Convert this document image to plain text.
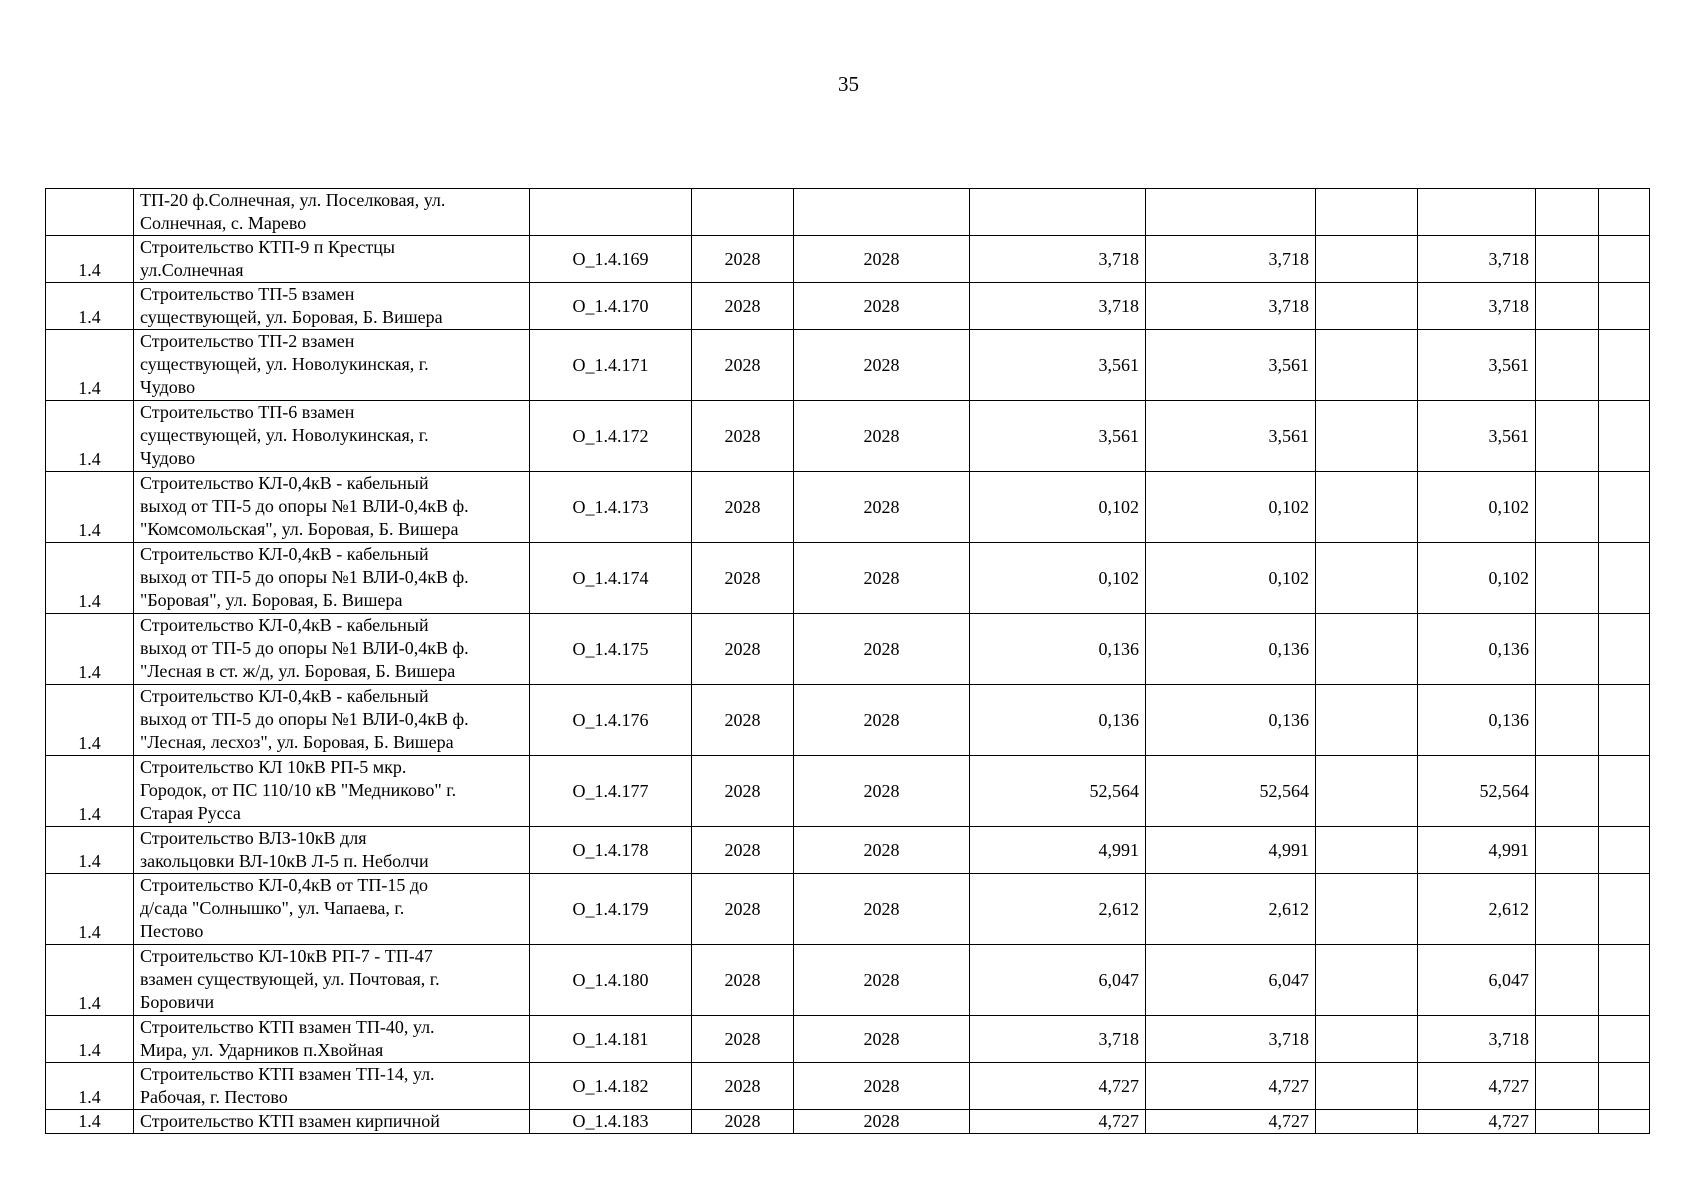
35
	ТП-20 ф.Солнечная, ул. Поселковая, ул.
Солнечная, с. Марево									
1.4	Строительство КТП-9 п Крестцы
ул.Солнечная	О_1.4.169	2028	2028	3,718	3,718		3,718		
1.4	Строительство ТП-5 взамен
существующей, ул. Боровая, Б. Вишера	О_1.4.170	2028	2028	3,718	3,718		3,718		
1.4	Строительство ТП-2 взамен
существующей, ул. Новолукинская, г.
Чудово	О_1.4.171	2028	2028	3,561	3,561		3,561		
1.4	Строительство ТП-6 взамен
существующей, ул. Новолукинская, г.
Чудово	О_1.4.172	2028	2028	3,561	3,561		3,561		
1.4	Строительство КЛ-0,4кВ - кабельный
выход от ТП-5 до опоры №1 ВЛИ-0,4кВ ф.
"Комсомольская", ул. Боровая, Б. Вишера	О_1.4.173	2028	2028	0,102	0,102		0,102		
1.4	Строительство КЛ-0,4кВ - кабельный
выход от ТП-5 до опоры №1 ВЛИ-0,4кВ ф.
"Боровая", ул. Боровая, Б. Вишера	О_1.4.174	2028	2028	0,102	0,102		0,102		
1.4	Строительство КЛ-0,4кВ - кабельный
выход от ТП-5 до опоры №1 ВЛИ-0,4кВ ф.
"Лесная в ст. ж/д, ул. Боровая, Б. Вишера	О_1.4.175	2028	2028	0,136	0,136		0,136		
1.4	Строительство КЛ-0,4кВ - кабельный
выход от ТП-5 до опоры №1 ВЛИ-0,4кВ ф.
"Лесная, лесхоз", ул. Боровая, Б. Вишера	О_1.4.176	2028	2028	0,136	0,136		0,136		
1.4	Строительство КЛ 10кВ РП-5 мкр.
Городок, от ПС 110/10 кВ "Медниково" г.
Старая Русса	О_1.4.177	2028	2028	52,564	52,564		52,564		
1.4	Строительство ВЛЗ-10кВ для
закольцовки ВЛ-10кВ Л-5 п. Неболчи	О_1.4.178	2028	2028	4,991	4,991		4,991		
1.4	Строительство КЛ-0,4кВ от ТП-15 до
д/сада "Солнышко", ул. Чапаева, г.
Пестово	О_1.4.179	2028	2028	2,612	2,612		2,612		
1.4	Строительство КЛ-10кВ РП-7 - ТП-47
взамен существующей, ул. Почтовая, г.
Боровичи	О_1.4.180	2028	2028	6,047	6,047		6,047		
1.4	Строительство КТП взамен ТП-40, ул.
Мира, ул. Ударников п.Хвойная	О_1.4.181	2028	2028	3,718	3,718		3,718		
1.4	Строительство КТП взамен ТП-14, ул.
Рабочая, г. Пестово	О_1.4.182	2028	2028	4,727	4,727		4,727		
1.4	Строительство КТП взамен кирпичной	О_1.4.183	2028	2028	4,727	4,727		4,727		
